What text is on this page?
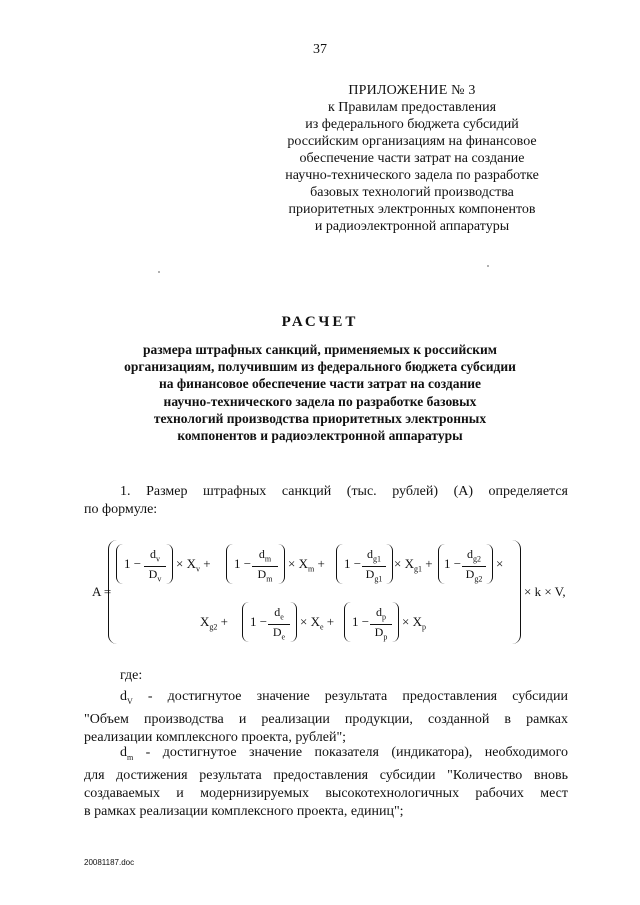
37
ПРИЛОЖЕНИЕ № 3
к Правилам предоставления
из федерального бюджета субсидий
российским организациям на финансовое
обеспечение части затрат на создание
научно-технического задела по разработке
базовых технологий производства
приоритетных электронных компонентов
и радиоэлектронной аппаратуры
РАСЧЕТ
размера штрафных санкций, применяемых к российским
организациям, получившим из федерального бюджета субсидии
на финансовое обеспечение части затрат на создание
научно-технического задела по разработке базовых
технологий производства приоритетных электронных
компонентов и радиоэлектронной аппаратуры
1. Размер штрафных санкций (тыс. рублей) (А) определяется
по формуле:
A =
1 −
$d_v$
$D_v$
× $X_v + 1$ −
$d_m$
$D_m$
× $X_m + 1$ −
$d_{g1}$
$D_{g1}$
× $X_{g1} + 1$ −
$d_{g2}$
$D_{g2}$
×
$X_{g2} + 1$ −
$d_e$
$D_e$
× $X_e + 1$ −
$d_p$
$D_p$
× $X_p$
× k × V,
где:
$d_V$ - достигнутое значение результата предоставления субсидии
"Объем производства и реализации продукции, созданной в рамках
реализации комплексного проекта, рублей";
$d_m$ - достигнутое значение показателя (индикатора), необходимого
для достижения результата предоставления субсидии "Количество вновь
создаваемых и модернизируемых высокотехнологичных рабочих мест
в рамках реализации комплексного проекта, единиц";
20081187.doc
